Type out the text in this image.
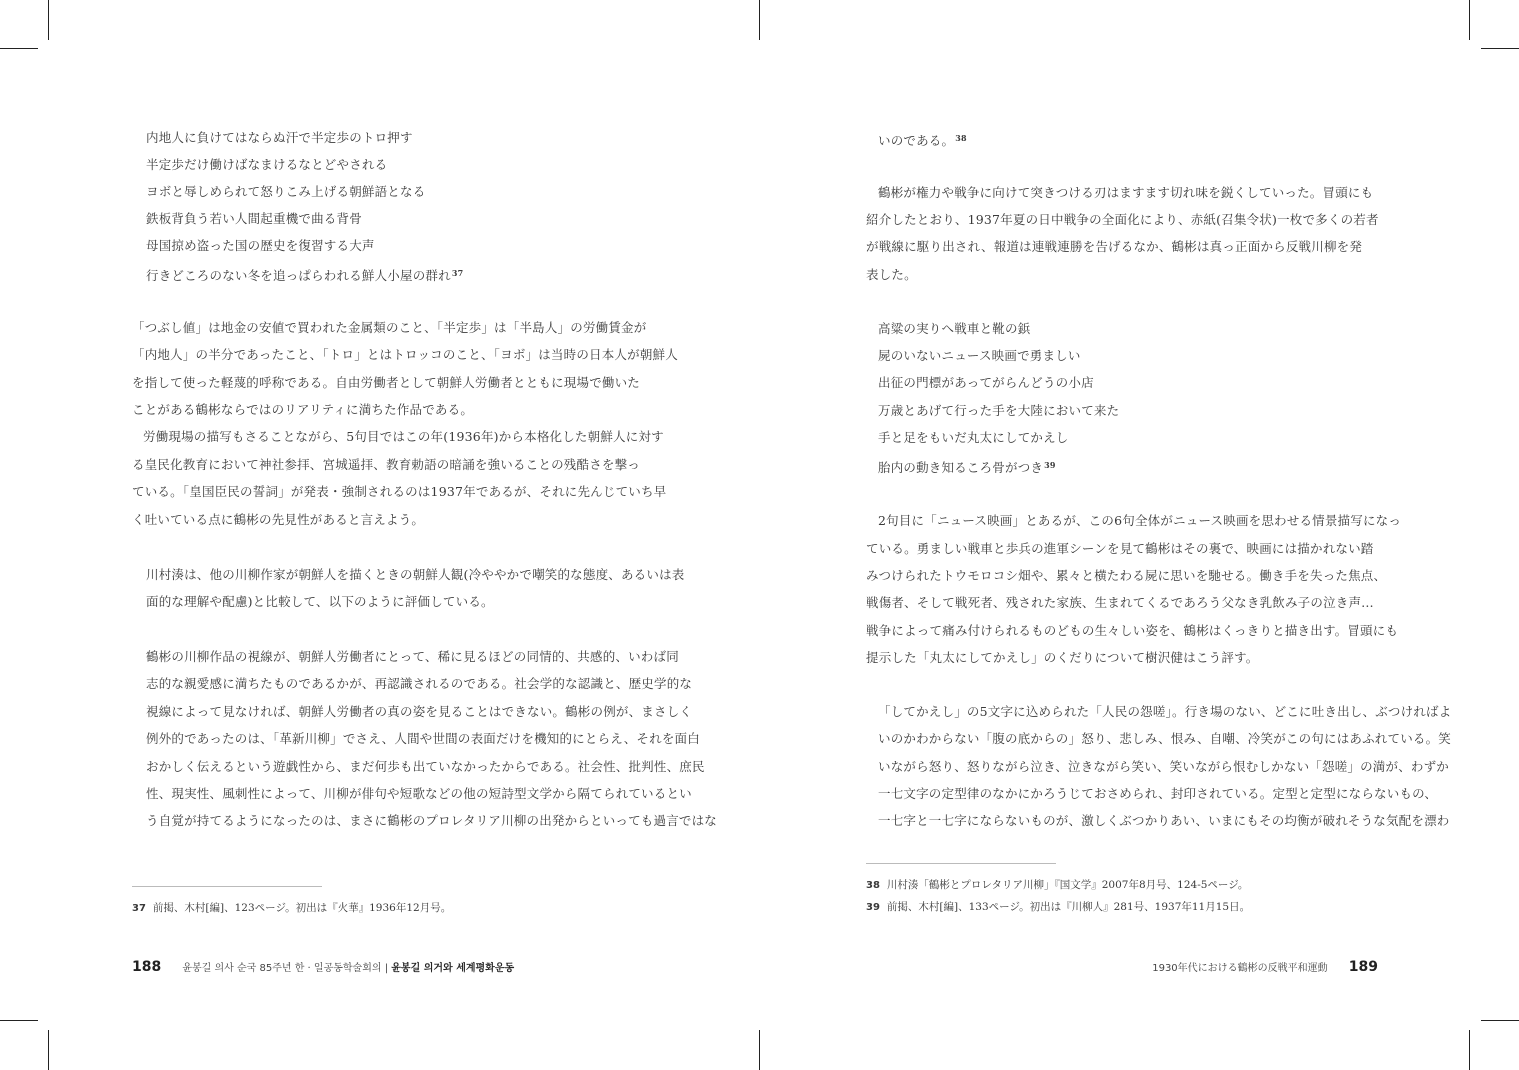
内地人に負けてはならぬ汗で半定歩のトロ押す
半定歩だけ働けばなまけるなとどやされる
ヨボと辱しめられて怒りこみ上げる朝鮮語となる
鉄板背負う若い人間起重機で曲る背骨
母国掠め盗った国の歴史を復習する大声
行きどころのない冬を追っぱらわれる鮮人小屋の群れ$^{37}$
「つぶし値」は地金の安値で買われた金属類のこと、「半定歩」は「半島人」の労働賃金が
「内地人」の半分であったこと、「トロ」とはトロッコのこと、「ヨボ」は当時の日本人が朝鮮人
を指して使った軽蔑的呼称である。自由労働者として朝鮮人労働者とともに現場で働いた
ことがある鶴彬ならではのリアリティに満ちた作品である。
労働現場の描写もさることながら、5句目ではこの年(1936年)から本格化した朝鮮人に対す
る皇民化教育において神社参拝、宮城遥拝、教育勅語の暗誦を強いることの残酷さを撃っ
ている。「皇国臣民の誓詞」が発表・強制されるのは1937年であるが、それに先んじていち早
く吐いている点に鶴彬の先見性があると言えよう。
川村湊は、他の川柳作家が朝鮮人を描くときの朝鮮人観(冷ややかで嘲笑的な態度、あるいは表
面的な理解や配慮)と比較して、以下のように評価している。
鶴彬の川柳作品の視線が、朝鮮人労働者にとって、稀に見るほどの同情的、共感的、いわば同
志的な親愛感に満ちたものであるかが、再認識されるのである。社会学的な認識と、歴史学的な
視線によって見なければ、朝鮮人労働者の真の姿を見ることはできない。鶴彬の例が、まさしく
例外的であったのは、「革新川柳」でさえ、人間や世間の表面だけを機知的にとらえ、それを面白
おかしく伝えるという遊戯性から、まだ何歩も出ていなかったからである。社会性、批判性、庶民
性、現実性、風刺性によって、川柳が俳句や短歌などの他の短詩型文学から隔てられているとい
う自覚が持てるようになったのは、まさに鶴彬のプロレタリア川柳の出発からといっても過言ではな
37 前掲、木村[編]、123ページ。初出は『火華』1936年12月号。
188 윤봉길 의사 순국 85주년 한 · 일공동학술회의 | 윤봉길 의거와 세계평화운동
いのである。$^{38}$
鶴彬が権力や戦争に向けて突きつける刃はますます切れ味を鋭くしていった。冒頭にも
紹介したとおり、1937年夏の日中戦争の全面化により、赤紙(召集令状)一枚で多くの若者
が戦線に駆り出され、報道は連戦連勝を告げるなか、鶴彬は真っ正面から反戦川柳を発
表した。
高粱の実りへ戦車と靴の鋲
屍のいないニュース映画で勇ましい
出征の門標があってがらんどうの小店
万歳とあげて行った手を大陸において来た
手と足をもいだ丸太にしてかえし
胎内の動き知るころ骨がつき$^{39}$
2句目に「ニュース映画」とあるが、この6句全体がニュース映画を思わせる情景描写になっ
ている。勇ましい戦車と歩兵の進軍シーンを見て鶴彬はその裏で、映画には描かれない踏
みつけられたトウモロコシ畑や、累々と横たわる屍に思いを馳せる。働き手を失った焦点、
戦傷者、そして戦死者、残された家族、生まれてくるであろう父なき乳飲み子の泣き声…
戦争によって痛み付けられるものどもの生々しい姿を、鶴彬はくっきりと描き出す。冒頭にも
提示した「丸太にしてかえし」のくだりについて樹沢健はこう評す。
「してかえし」の5文字に込められた「人民の怨嗟」。行き場のない、どこに吐き出し、ぶつければよ
いのかわからない「腹の底からの」怒り、悲しみ、恨み、自嘲、冷笑がこの句にはあふれている。笑
いながら怒り、怒りながら泣き、泣きながら笑い、笑いながら恨むしかない「怨嗟」の満が、わずか
一七文字の定型律のなかにかろうじておさめられ、封印されている。定型と定型にならないもの、
一七字と一七字にならないものが、激しくぶつかりあい、いまにもその均衡が破れそうな気配を漂わ
38 川村湊「鶴彬とプロレタリア川柳」『国文学』2007年8月号、124-5ページ。
39 前掲、木村[編]、133ページ。初出は『川柳人』281号、1937年11月15日。
1930年代における鶴彬の反戦平和運動 189
